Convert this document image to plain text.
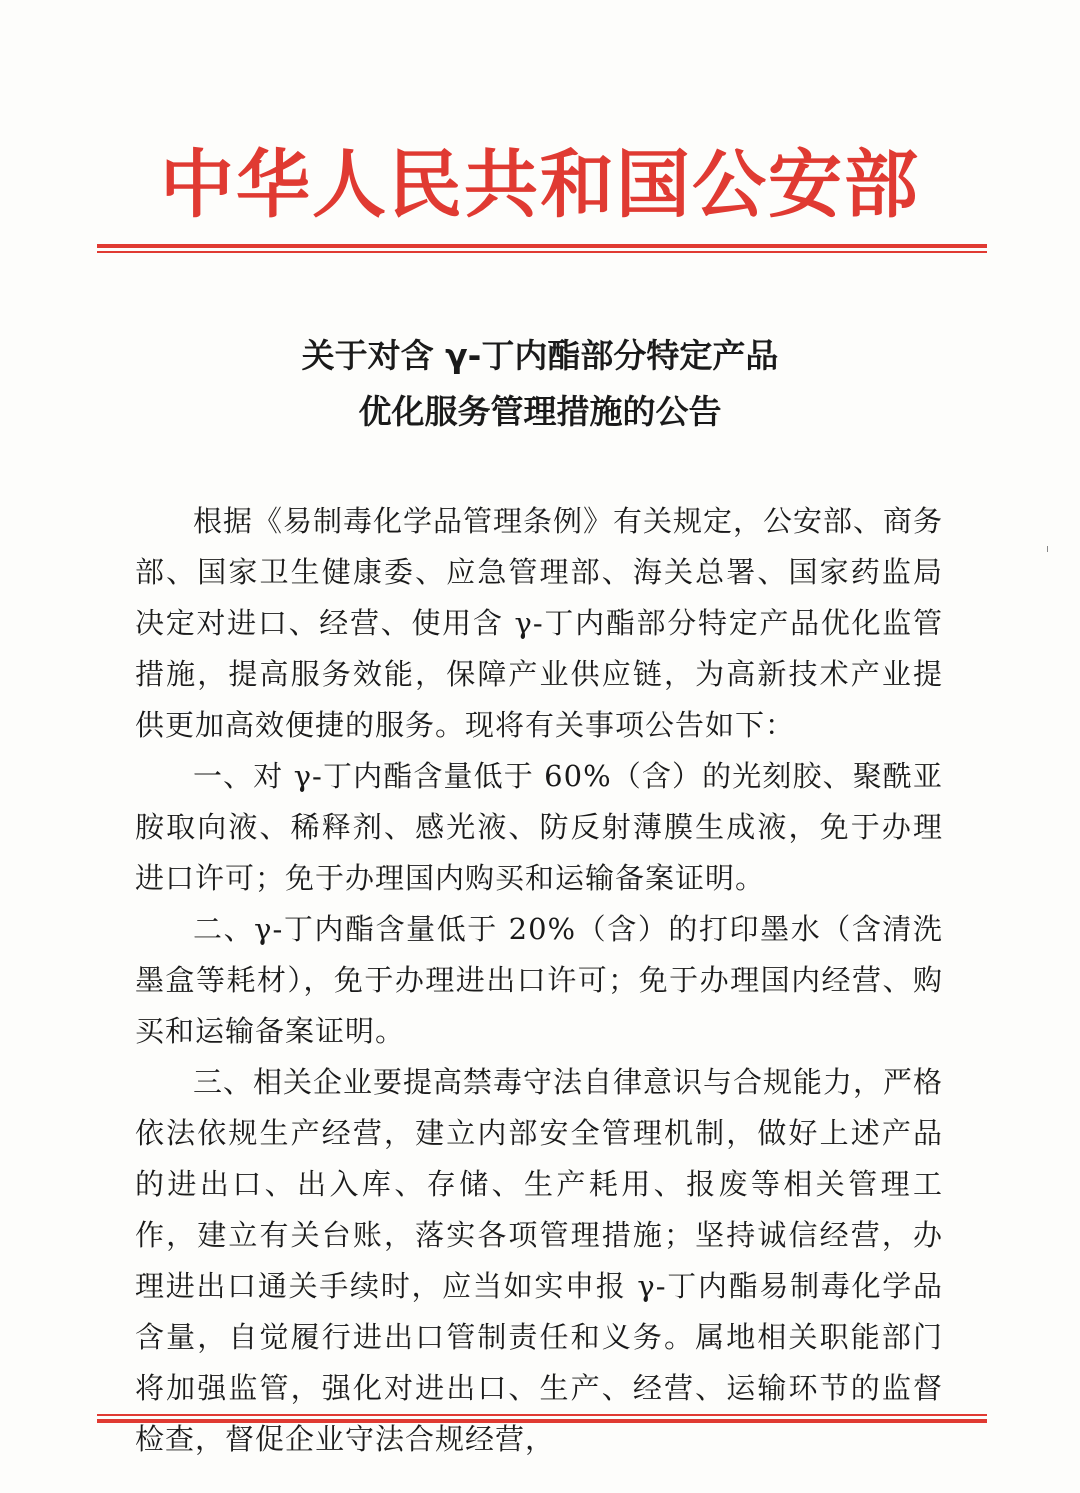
中华人民共和国公安部
关于对含 γ-丁内酯部分特定产品
优化服务管理措施的公告

根据《易制毒化学品管理条例》有关规定，公安部、商务部、国家卫生健康委、应急管理部、海关总署、国家药监局决定对进口、经营、使用含 γ-丁内酯部分特定产品优化监管措施，提高服务效能，保障产业供应链，为高新技术产业提供更加高效便捷的服务。现将有关事项公告如下：

一、对 γ-丁内酯含量低于 60%（含）的光刻胶、聚酰亚胺取向液、稀释剂、感光液、防反射薄膜生成液，免于办理进口许可；免于办理国内购买和运输备案证明。

二、γ-丁内酯含量低于 20%（含）的打印墨水（含清洗墨盒等耗材），免于办理进出口许可；免于办理国内经营、购买和运输备案证明。

三、相关企业要提高禁毒守法自律意识与合规能力，严格依法依规生产经营，建立内部安全管理机制，做好上述产品的进出口、出入库、存储、生产耗用、报废等相关管理工作，建立有关台账，落实各项管理措施；坚持诚信经营，办理进出口通关手续时，应当如实申报 γ-丁内酯易制毒化学品含量，自觉履行进出口管制责任和义务。属地相关职能部门将加强监管，强化对进出口、生产、经营、运输环节的监督检查，督促企业守法合规经营，
